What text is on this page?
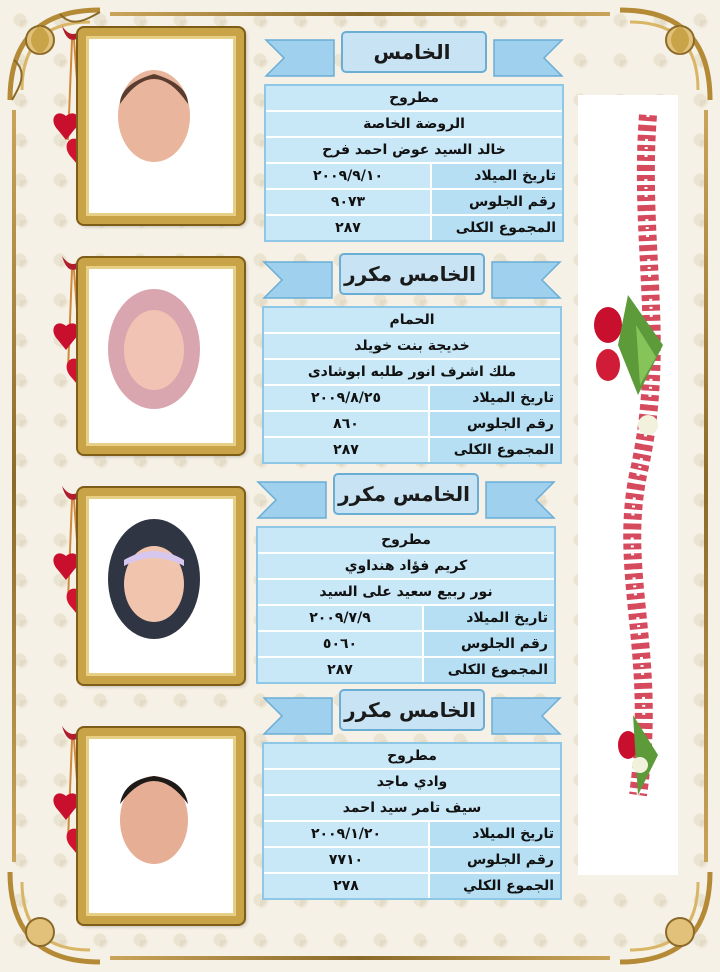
الخامس
مطروح
الروضة الخاصة
خالد السيد عوض احمد فرح
تاريخ الميلاد
٢٠٠٩/٩/١٠
رقم الجلوس
٩٠٧٣
المجموع الكلى
٢٨٧
الخامس مكرر
الحمام
خديجة بنت خويلد
ملك اشرف انور طلبه ابوشادى
تاريخ الميلاد
٢٠٠٩/٨/٢٥
رقم الجلوس
٨٦٠
المجموع الكلى
٢٨٧
الخامس مكرر
مطروح
كريم فؤاد هنداوي
نور ربيع سعيد على السيد
تاريخ الميلاد
٢٠٠٩/٧/٩
رقم الجلوس
٥٠٦٠
المجموع الكلى
٢٨٧
الخامس مكرر
مطروح
وادي ماجد
سيف تامر سيد احمد
تاريخ الميلاد
٢٠٠٩/١/٢٠
رقم الجلوس
٧٧١٠
الجموع الكلي
٢٧٨
